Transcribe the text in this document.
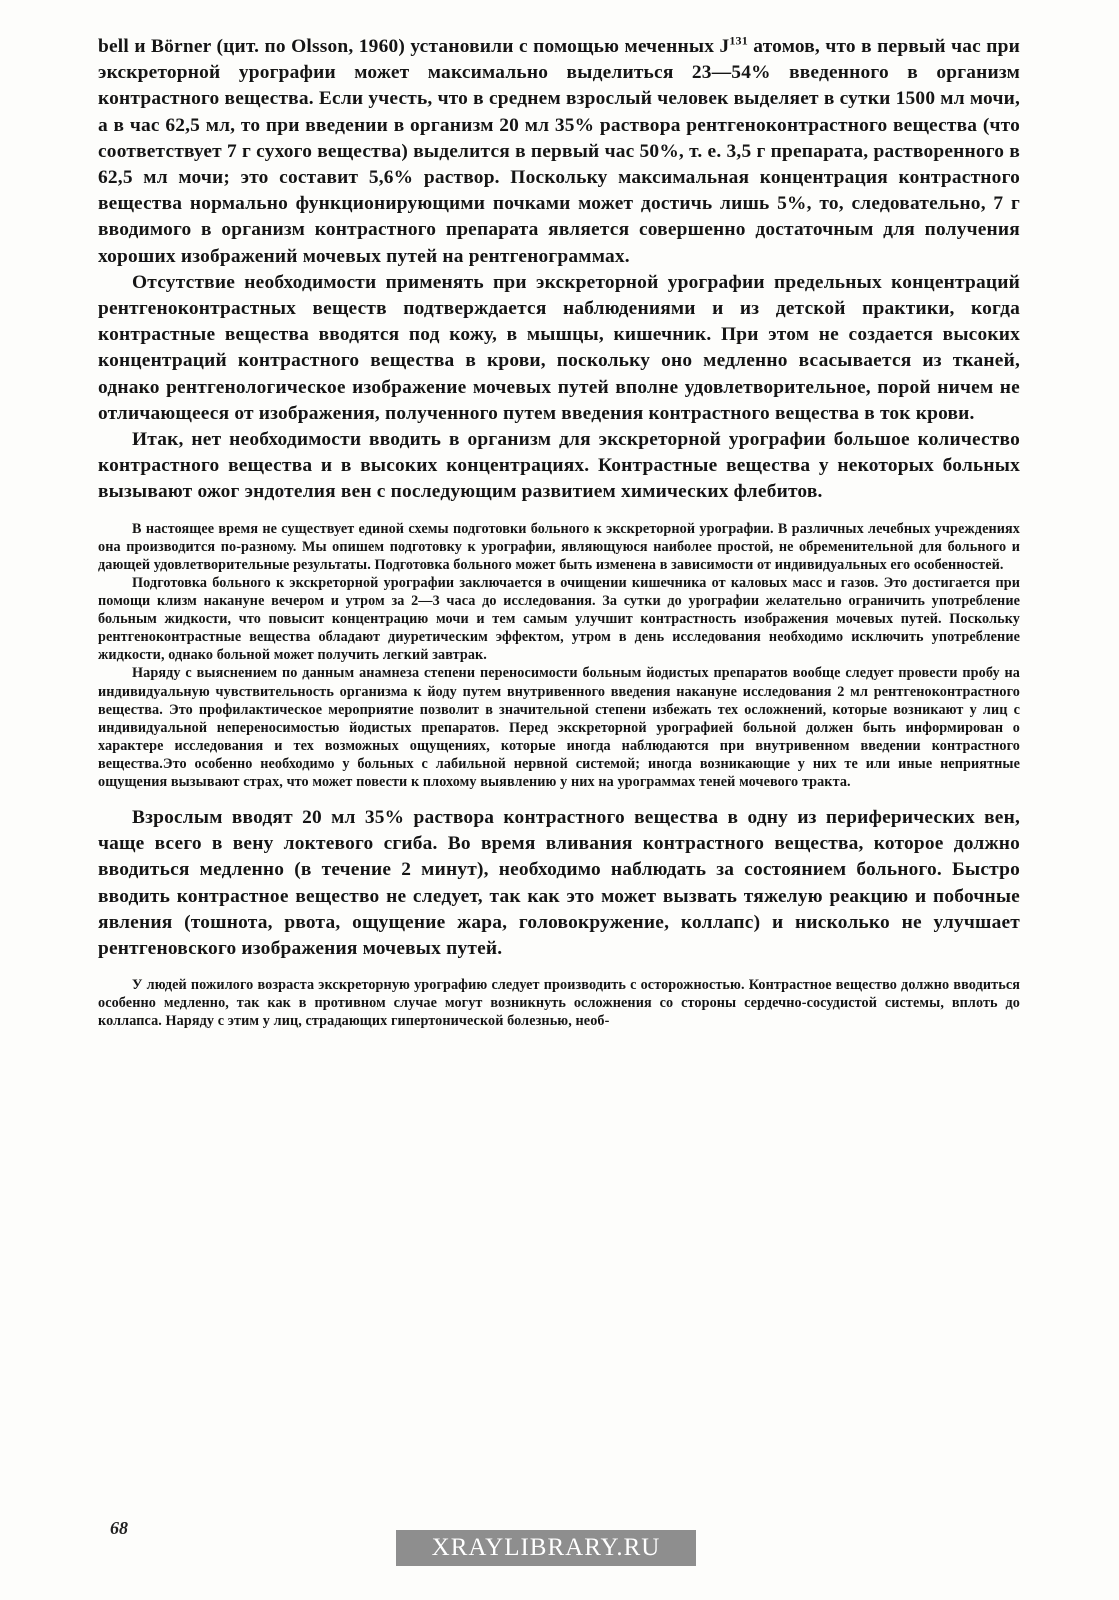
bell и Börner (цит. по Olsson, 1960) установили с помощью меченных $J^{131}$ атомов, что в первый час при экскреторной урографии может максимально выделиться 23—54% введенного в организм контрастного вещества. Если учесть, что в среднем взрослый человек выделяет в сутки 1500 мл мочи, а в час 62,5 мл, то при введении в организм 20 мл 35% раствора рентгеноконтрастного вещества (что соответствует 7 г сухого вещества) выделится в первый час 50%, т. е. 3,5 г препарата, растворенного в 62,5 мл мочи; это составит 5,6% раствор. Поскольку максимальная концентрация контрастного вещества нормально функционирующими почками может достичь лишь 5%, то, следовательно, 7 г вводимого в организм контрастного препарата является совершенно достаточным для получения хороших изображений мочевых путей на рентгенограммах.

Отсутствие необходимости применять при экскреторной урографии предельных концентраций рентгеноконтрастных веществ подтверждается наблюдениями и из детской практики, когда контрастные вещества вводятся под кожу, в мышцы, кишечник. При этом не создается высоких концентраций контрастного вещества в крови, поскольку оно медленно всасывается из тканей, однако рентгенологическое изображение мочевых путей вполне удовлетворительное, порой ничем не отличающееся от изображения, полученного путем введения контрастного вещества в ток крови.

Итак, нет необходимости вводить в организм для экскреторной урографии большое количество контрастного вещества и в высоких концентрациях. Контрастные вещества у некоторых больных вызывают ожог эндотелия вен с последующим развитием химических флебитов.

В настоящее время не существует единой схемы подготовки больного к экскреторной урографии. В различных лечебных учреждениях она производится по-разному. Мы опишем подготовку к урографии, являющуюся наиболее простой, не обременительной для больного и дающей удовлетворительные результаты. Подготовка больного может быть изменена в зависимости от индивидуальных его особенностей.

Подготовка больного к экскреторной урографии заключается в очищении кишечника от каловых масс и газов. Это достигается при помощи клизм накануне вечером и утром за 2—3 часа до исследования. За сутки до урографии желательно ограничить употребление больным жидкости, что повысит концентрацию мочи и тем самым улучшит контрастность изображения мочевых путей. Поскольку рентгеноконтрастные вещества обладают диуретическим эффектом, утром в день исследования необходимо исключить употребление жидкости, однако больной может получить легкий завтрак.

Наряду с выяснением по данным анамнеза степени переносимости больным йодистых препаратов вообще следует провести пробу на индивидуальную чувствительность организма к йоду путем внутривенного введения накануне исследования 2 мл рентгеноконтрастного вещества. Это профилактическое мероприятие позволит в значительной степени избежать тех осложнений, которые возникают у лиц с индивидуальной непереносимостью йодистых препаратов. Перед экскреторной урографией больной должен быть информирован о характере исследования и тех возможных ощущениях, которые иногда наблюдаются при внутривенном введении контрастного вещества.Это особенно необходимо у больных с лабильной нервной системой; иногда возникающие у них те или иные неприятные ощущения вызывают страх, что может повести к плохому выявлению у них на урограммах теней мочевого тракта.

Взрослым вводят 20 мл 35% раствора контрастного вещества в одну из периферических вен, чаще всего в вену локтевого сгиба. Во время вливания контрастного вещества, которое должно вводиться медленно (в течение 2 минут), необходимо наблюдать за состоянием больного. Быстро вводить контрастное вещество не следует, так как это может вызвать тяжелую реакцию и побочные явления (тошнота, рвота, ощущение жара, головокружение, коллапс) и нисколько не улучшает рентгеновского изображения мочевых путей.

У людей пожилого возраста экскреторную урографию следует производить с осторожностью. Контрастное вещество должно вводиться особенно медленно, так как в противном случае могут возникнуть осложнения со стороны сердечно-сосудистой системы, вплоть до коллапса. Наряду с этим у лиц, страдающих гипертонической болезнью, необ-

68
XRAYLIBRARY.RU
